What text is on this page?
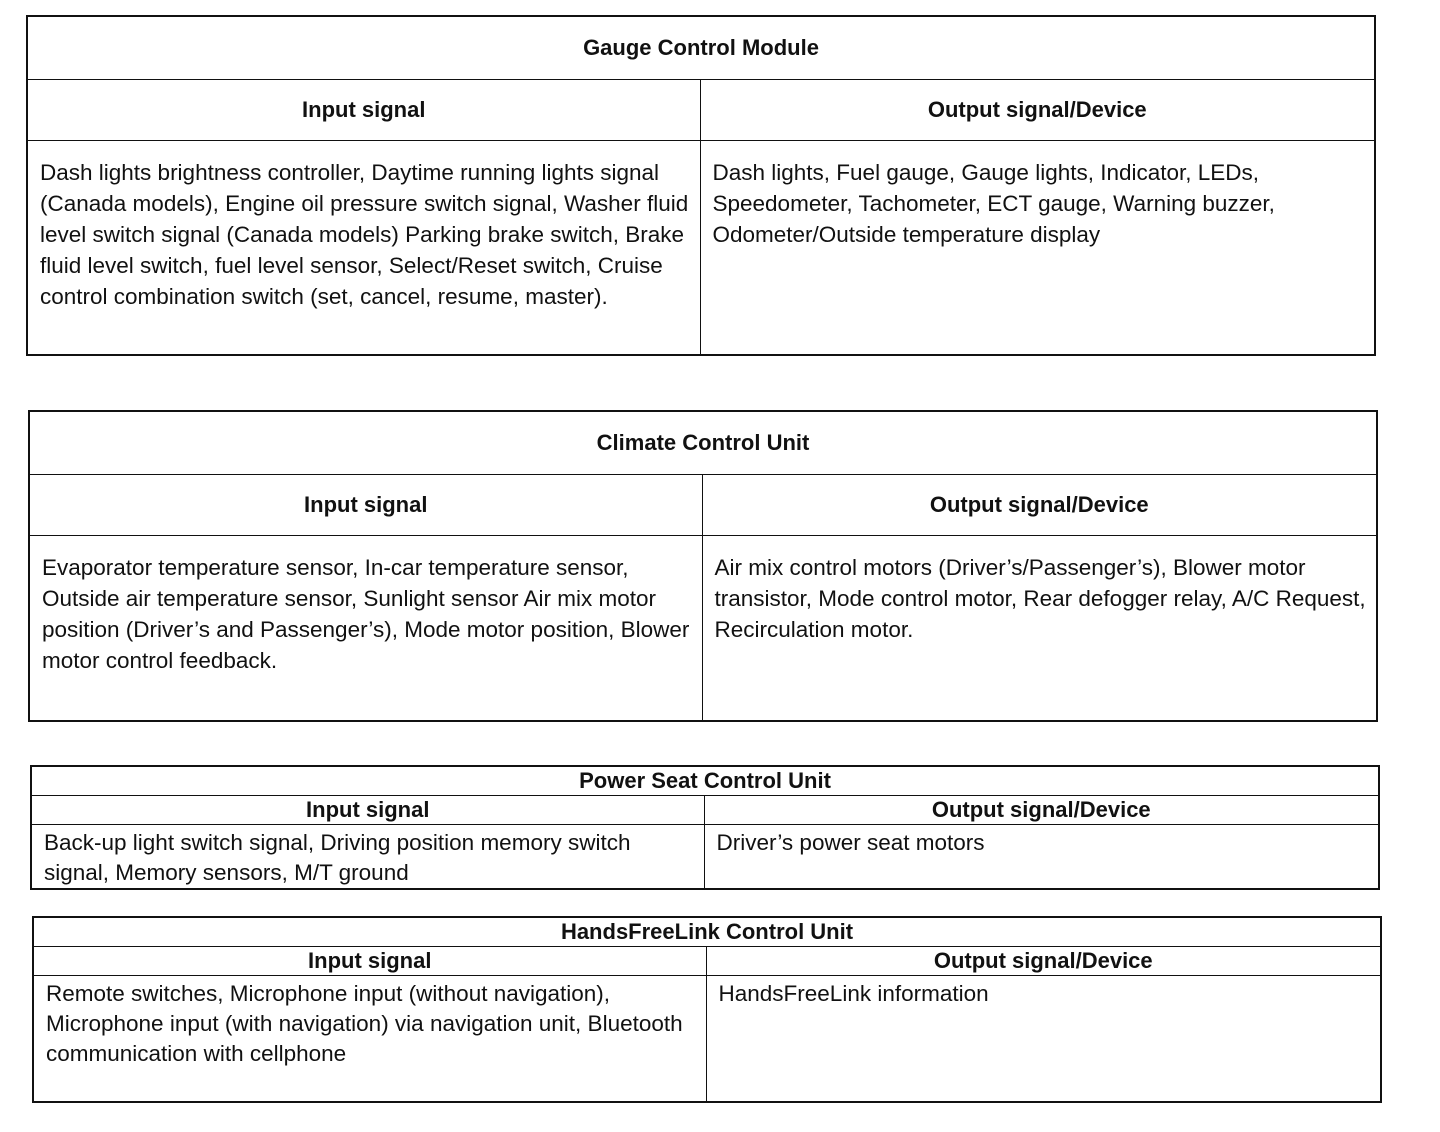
Gauge Control Module	
Input signal	Output signal/Device
Dash lights brightness controller, Daytime running lights signal (Canada models), Engine oil pressure switch signal, Washer fluid level switch signal (Canada models) Parking brake switch, Brake fluid level switch, fuel level sensor, Select/Reset switch, Cruise control combination switch (set, cancel, resume, master).	Dash lights, Fuel gauge, Gauge lights, Indicator, LEDs, Speedometer, Tachometer, ECT gauge, Warning buzzer, Odometer/Outside temperature display
Climate Control Unit	
Input signal	Output signal/Device
Evaporator temperature sensor, In-car temperature sensor, Outside air temperature sensor, Sunlight sensor Air mix motor position (Driver’s and Passenger’s), Mode motor position, Blower motor control feedback.	Air mix control motors (Driver’s/Passenger’s), Blower motor transistor, Mode control motor, Rear defogger relay, A/C Request, Recirculation motor.
Power Seat Control Unit	
Input signal	Output signal/Device
Back-up light switch signal, Driving position memory switch signal, Memory sensors, M/T ground	Driver’s power seat motors
HandsFreeLink Control Unit	
Input signal	Output signal/Device
Remote switches, Microphone input (without navigation), Microphone input (with navigation) via navigation unit, Bluetooth communication with cellphone	HandsFreeLink information
